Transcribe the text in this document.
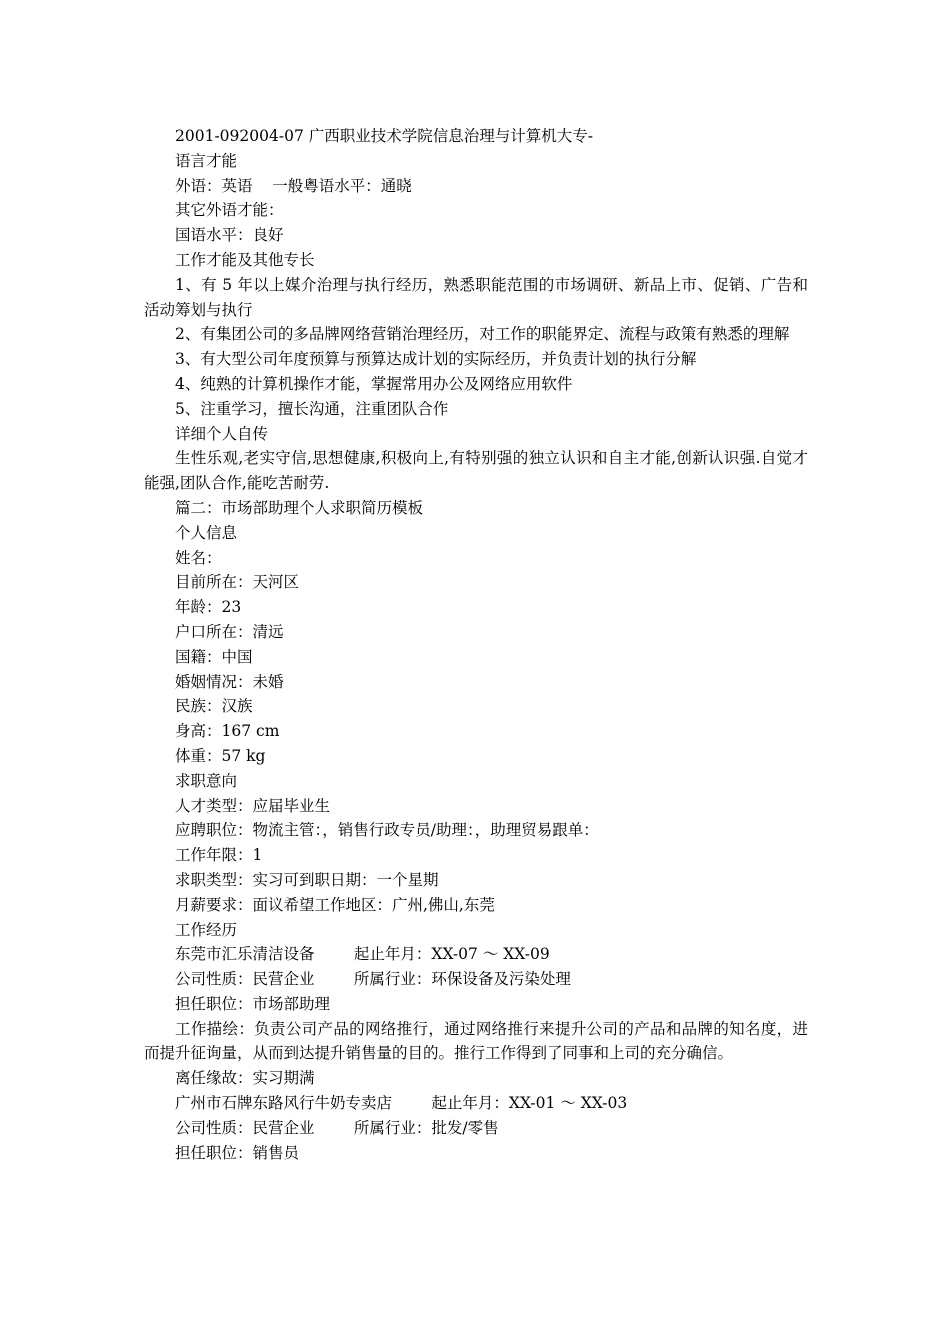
2001-092004-07 广西职业技术学院信息治理与计算机大专-

语言才能

外语：英语    一般粤语水平：通晓

其它外语才能：

国语水平：良好

工作才能及其他专长

1、有 5 年以上媒介治理与执行经历，熟悉职能范围的市场调研、新品上市、促销、广告和活动筹划与执行

2、有集团公司的多品牌网络营销治理经历，对工作的职能界定、流程与政策有熟悉的理解

3、有大型公司年度预算与预算达成计划的实际经历，并负责计划的执行分解

4、纯熟的计算机操作才能，掌握常用办公及网络应用软件

5、注重学习，擅长沟通，注重团队合作

详细个人自传

生性乐观,老实守信,思想健康,积极向上,有特别强的独立认识和自主才能,创新认识强.自觉才能强,团队合作,能吃苦耐劳.

篇二：市场部助理个人求职简历模板

个人信息

姓名：

目前所在：天河区

年龄：23

户口所在：清远

国籍：中国

婚姻情况：未婚

民族：汉族

身高：167 cm

体重：57 kg

求职意向

人才类型：应届毕业生

应聘职位：物流主管：，销售行政专员/助理：，助理贸易跟单：

工作年限：1

求职类型：实习可到职日期：一个星期

月薪要求：面议希望工作地区：广州,佛山,东莞

工作经历

东莞市汇乐清洁设备        起止年月：XX-07 ～ XX-09

公司性质：民营企业        所属行业：环保设备及污染处理

担任职位：市场部助理

工作描绘：负责公司产品的网络推行，通过网络推行来提升公司的产品和品牌的知名度，进而提升征询量，从而到达提升销售量的目的。推行工作得到了同事和上司的充分确信。

离任缘故：实习期满

广州市石牌东路风行牛奶专卖店        起止年月：XX-01 ～ XX-03

公司性质：民营企业        所属行业：批发/零售

担任职位：销售员
